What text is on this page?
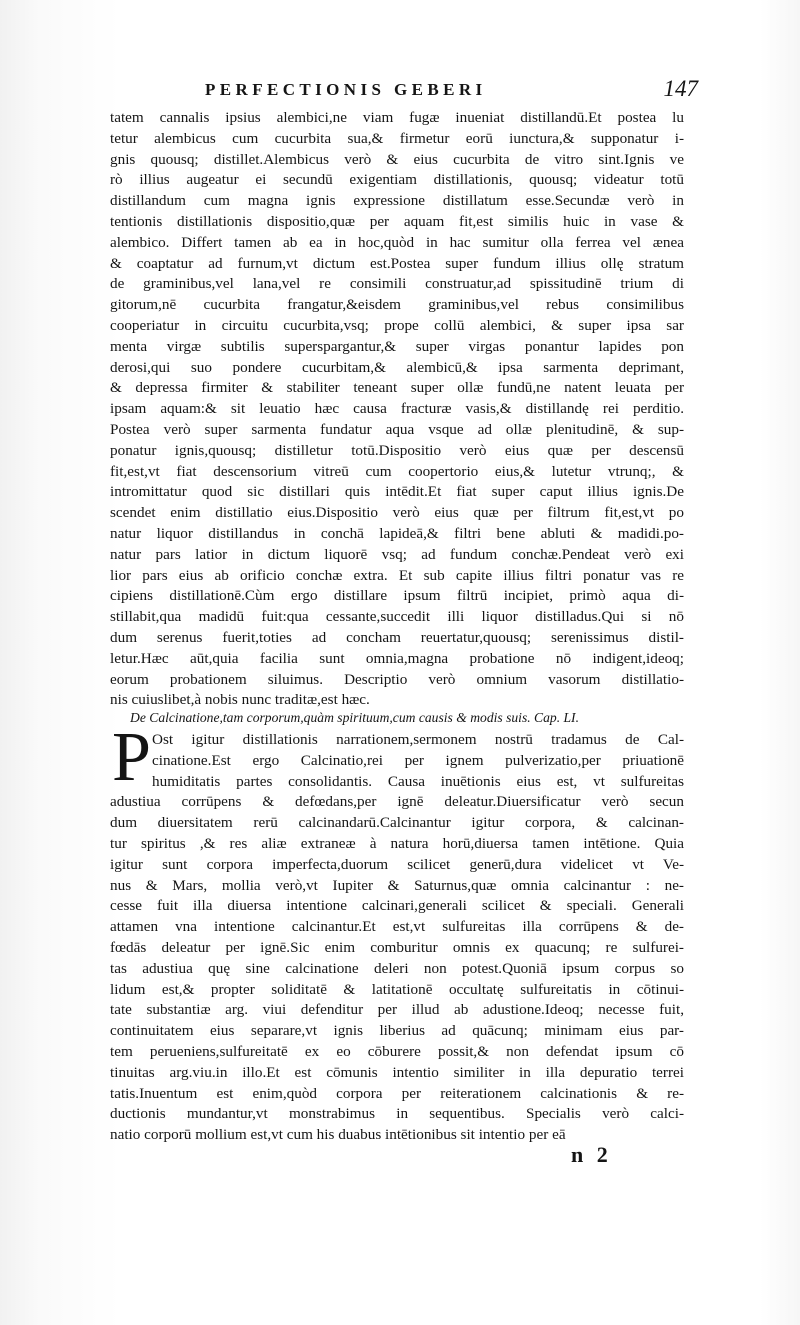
PERFECTIONIS GEBERI	147
tatem cannalis ipsius alembici,ne viam fugæ inueniat distillandū.Et postea lu
tetur alembicus cum cucurbita sua,& firmetur eorū iunctura,& supponatur i-
gnis quousq; distillet.Alembicus verò & eius cucurbita de vitro sint.Ignis ve
rò illius augeatur ei secundū exigentiam distillationis, quousq; videatur totū
distillandum cum magna ignis expressione distillatum esse.Secundæ verò in
tentionis distillationis dispositio,quæ per aquam fit,est similis huic in vase &
alembico. Differt tamen ab ea in hoc,quòd in hac sumitur olla ferrea vel ænea
& coaptatur ad furnum,vt dictum est.Postea super fundum illius ollę stratum
de graminibus,vel lana,vel re consimili construatur,ad spissitudinē trium di
gitorum,nē cucurbita frangatur,&eisdem graminibus,vel rebus consimilibus
cooperiatur in circuitu cucurbita,vsq; prope collū alembici, & super ipsa sar
menta virgæ subtilis superspargantur,& super virgas ponantur lapides pon
derosi,qui suo pondere cucurbitam,& alembicū,& ipsa sarmenta deprimant,
& depressa firmiter & stabiliter teneant super ollæ fundū,ne natent leuata per
ipsam aquam:& sit leuatio hæc causa fracturæ vasis,& distillandę rei perditio.
Postea verò super sarmenta fundatur aqua vsque ad ollæ plenitudinē, & sup-
ponatur ignis,quousq; distilletur totū.Dispositio verò eius quæ per descensū
fit,est,vt fiat descensorium vitreū cum coopertorio eius,& lutetur vtrunq;, &
intromittatur quod sic distillari quis intēdit.Et fiat super caput illius ignis.De
scendet enim distillatio eius.Dispositio verò eius quæ per filtrum fit,est,vt po
natur liquor distillandus in conchā lapideā,& filtri bene abluti & madidi.po-
natur pars latior in dictum liquorē vsq; ad fundum conchæ.Pendeat verò exi
lior pars eius ab orificio conchæ extra. Et sub capite illius filtri ponatur vas re
cipiens distillationē.Cùm ergo distillare ipsum filtrū incipiet, primò aqua di-
stillabit,qua madidū fuit:qua cessante,succedit illi liquor distilladus.Qui si nō
dum serenus fuerit,toties ad concham reuertatur,quousq; serenissimus distil-
letur.Hæc aūt,quia facilia sunt omnia,magna probatione nō indigent,ideoq;
eorum probationem siluimus. Descriptio verò omnium vasorum distillatio-
nis cuiuslibet,à nobis nunc traditæ,est hæc.
De Calcinatione,tam corporum,quàm spirituum,cum causis & modis suis. Cap. LI.
P Ost igitur distillationis narrationem,sermonem nostrū tradamus de Cal-
cinatione.Est ergo Calcinatio,rei per ignem pulverizatio,per priuationē
humiditatis partes consolidantis. Causa inuētionis eius est, vt sulfureitas
adustiua corrūpens & defœdans,per ignē deleatur.Diuersificatur verò secun
dum diuersitatem rerū calcinandarū.Calcinantur igitur corpora, & calcinan-
tur spiritus ,& res aliæ extraneæ à natura horū,diuersa tamen intētione. Quia
igitur sunt corpora imperfecta,duorum scilicet generū,dura videlicet vt Ve-
nus & Mars, mollia verò,vt Iupiter & Saturnus,quæ omnia calcinantur : ne-
cesse fuit illa diuersa intentione calcinari,generali scilicet & speciali. Generali
attamen vna intentione calcinantur.Et est,vt sulfureitas illa corrūpens & de-
fœdās deleatur per ignē.Sic enim comburitur omnis ex quacunq; re sulfurei-
tas adustiua quę sine calcinatione deleri non potest.Quoniā ipsum corpus so
lidum est,& propter soliditatē & latitationē occultatę sulfureitatis in cōtinui-
tate substantiæ arg. viui defenditur per illud ab adustione.Ideoq; necesse fuit,
continuitatem eius separare,vt ignis liberius ad quācunq; minimam eius par-
tem perueniens,sulfureitatē ex eo cōburere possit,& non defendat ipsum cō
tinuitas arg.viu.in illo.Et est cōmunis intentio similiter in illa depuratio terrei
tatis.Inuentum est enim,quòd corpora per reiterationem calcinationis & re-
ductionis mundantur,vt monstrabimus in sequentibus. Specialis verò calci-
natio corporū mollium est,vt cum his duabus intētionibus sit intentio per eā
n 2
